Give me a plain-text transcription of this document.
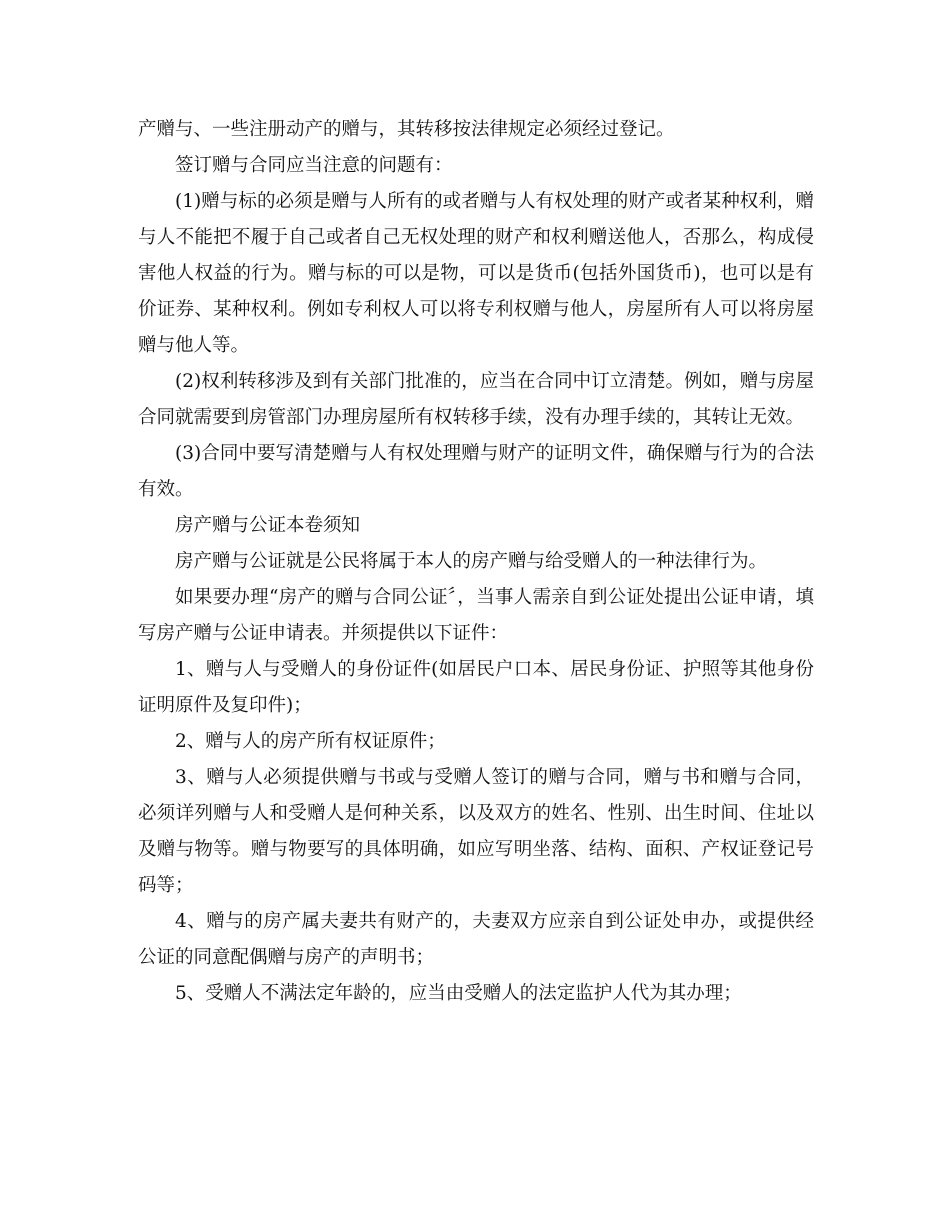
产赠与、一些注册动产的赠与，其转移按法律规定必须经过登记。

签订赠与合同应当注意的问题有：

(1)赠与标的必须是赠与人所有的或者赠与人有权处理的财产或者某种权利，赠与人不能把不履于自己或者自己无权处理的财产和权利赠送他人，否那么，构成侵害他人权益的行为。赠与标的可以是物，可以是货币(包括外国货币)，也可以是有价证券、某种权利。例如专利权人可以将专利权赠与他人，房屋所有人可以将房屋赠与他人等。

(2)权利转移涉及到有关部门批准的，应当在合同中订立清楚。例如，赠与房屋合同就需要到房管部门办理房屋所有权转移手续，没有办理手续的，其转让无效。

(3)合同中要写清楚赠与人有权处理赠与财产的证明文件，确保赠与行为的合法有效。

房产赠与公证本卷须知

房产赠与公证就是公民将属于本人的房产赠与给受赠人的一种法律行为。

如果要办理“房产的赠与合同公证〞，当事人需亲自到公证处提出公证申请，填写房产赠与公证申请表。并须提供以下证件：

1、赠与人与受赠人的身份证件(如居民户口本、居民身份证、护照等其他身份证明原件及复印件)；

2、赠与人的房产所有权证原件；

3、赠与人必须提供赠与书或与受赠人签订的赠与合同，赠与书和赠与合同，必须详列赠与人和受赠人是何种关系，以及双方的姓名、性别、出生时间、住址以及赠与物等。赠与物要写的具体明确，如应写明坐落、结构、面积、产权证登记号码等；

4、赠与的房产属夫妻共有财产的，夫妻双方应亲自到公证处申办，或提供经公证的同意配偶赠与房产的声明书；

5、受赠人不满法定年龄的，应当由受赠人的法定监护人代为其办理；
